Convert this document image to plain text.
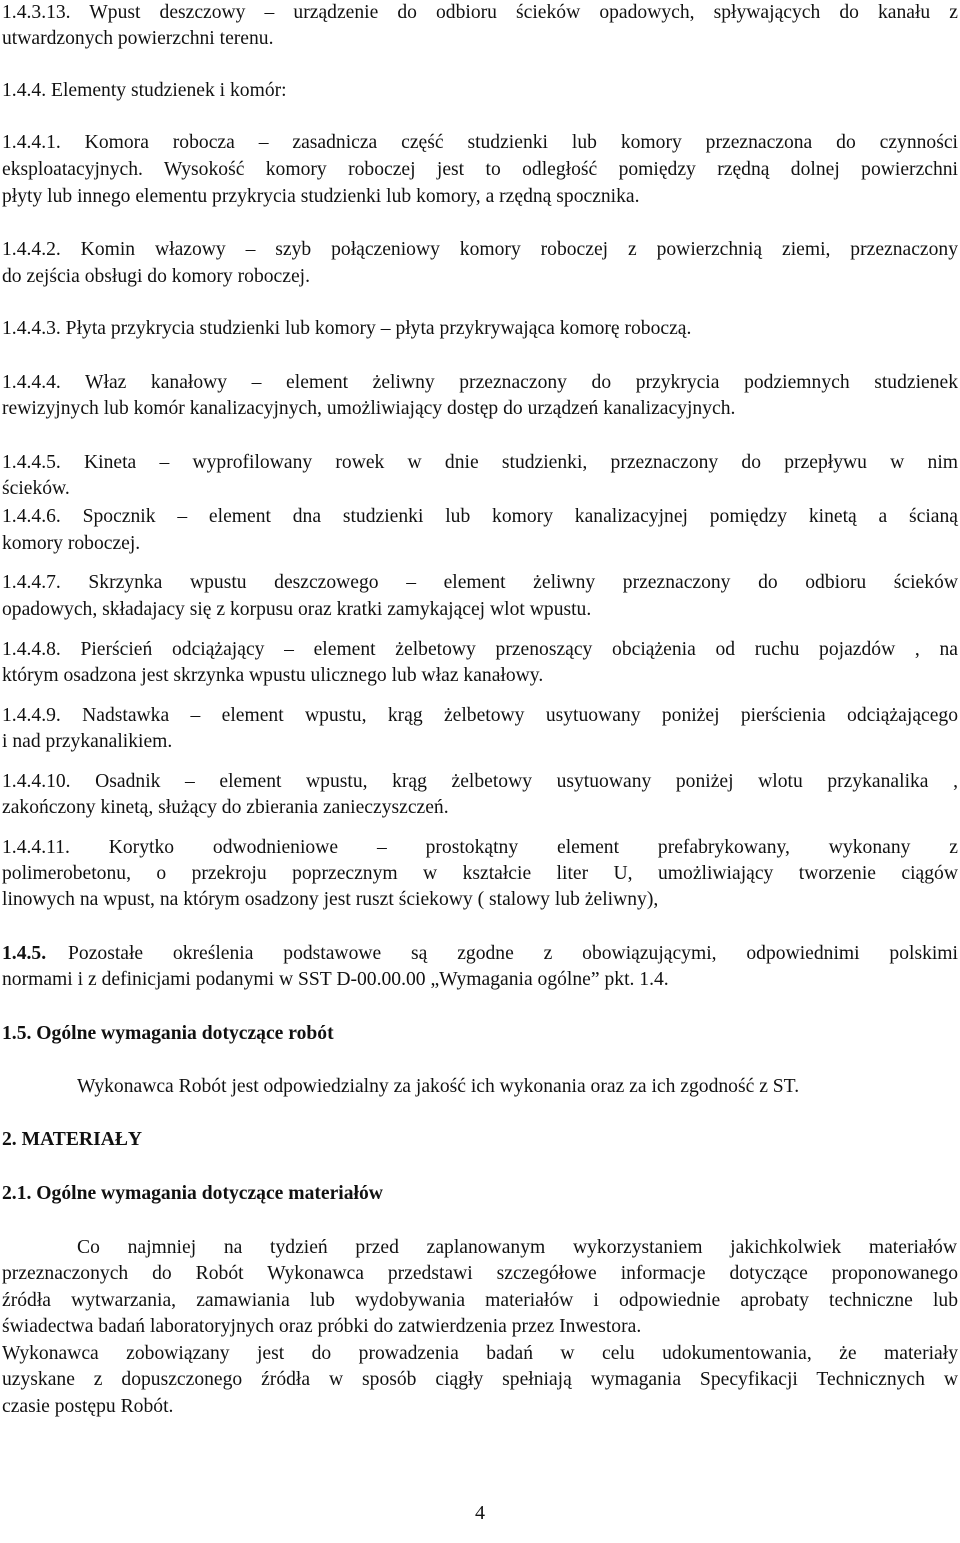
1.4.3.13. Wpust deszczowy – urządzenie do odbioru ścieków opadowych, spływających do kanału z
utwardzonych powierzchni terenu.
1.4.4. Elementy studzienek i komór:
1.4.4.1. Komora robocza – zasadnicza część studzienki lub komory przeznaczona do czynności
eksploatacyjnych. Wysokość komory roboczej jest to odległość pomiędzy rzędną dolnej powierzchni
płyty lub innego elementu przykrycia studzienki lub komory, a rzędną spocznika.
1.4.4.2. Komin włazowy – szyb połączeniowy komory roboczej z powierzchnią ziemi, przeznaczony
do zejścia obsługi do komory roboczej.
1.4.4.3. Płyta przykrycia studzienki lub komory – płyta przykrywająca komorę roboczą.
1.4.4.4. Właz kanałowy – element żeliwny przeznaczony do przykrycia podziemnych studzienek
rewizyjnych lub komór kanalizacyjnych, umożliwiający dostęp do urządzeń kanalizacyjnych.
1.4.4.5. Kineta – wyprofilowany rowek w dnie studzienki, przeznaczony do przepływu w nim
ścieków.
1.4.4.6. Spocznik – element dna studzienki lub komory kanalizacyjnej pomiędzy kinetą a ścianą
komory roboczej.
1.4.4.7. Skrzynka wpustu deszczowego – element żeliwny przeznaczony do odbioru ścieków
opadowych, składajacy się z korpusu oraz kratki zamykającej wlot wpustu.
1.4.4.8. Pierścień odciążający – element żelbetowy przenoszący obciążenia od ruchu pojazdów , na
którym osadzona jest skrzynka wpustu ulicznego lub właz kanałowy.
1.4.4.9. Nadstawka – element wpustu, krąg żelbetowy usytuowany poniżej pierścienia odciążającego
i nad przykanalikiem.
1.4.4.10. Osadnik – element wpustu, krąg żelbetowy usytuowany poniżej wlotu przykanalika ,
zakończony kinetą, służący do zbierania zanieczyszczeń.
1.4.4.11. Korytko odwodnieniowe – prostokątny element prefabrykowany, wykonany z
polimerobetonu, o przekroju poprzecznym w kształcie liter U, umożliwiający tworzenie ciągów
linowych na wpust, na którym osadzony jest ruszt ściekowy ( stalowy lub żeliwny),
1.4.5.	Pozostałe określenia podstawowe są zgodne z obowiązującymi, odpowiednimi polskimi
normami i z definicjami podanymi w SST D-00.00.00 „Wymagania ogólne” pkt. 1.4.
1.5. Ogólne wymagania dotyczące robót
Wykonawca Robót jest odpowiedzialny za jakość ich wykonania oraz za ich zgodność z ST.
2. MATERIAŁY
2.1. Ogólne wymagania dotyczące materiałów
Co najmniej na tydzień przed zaplanowanym wykorzystaniem jakichkolwiek materiałów
przeznaczonych do Robót Wykonawca przedstawi szczegółowe informacje dotyczące proponowanego
źródła wytwarzania, zamawiania lub wydobywania materiałów i odpowiednie aprobaty techniczne lub
świadectwa badań laboratoryjnych oraz próbki do zatwierdzenia przez Inwestora.
Wykonawca zobowiązany jest do prowadzenia badań w celu udokumentowania, że materiały
uzyskane z dopuszczonego źródła w sposób ciągły spełniają wymagania Specyfikacji Technicznych w
czasie postępu Robót.
4
